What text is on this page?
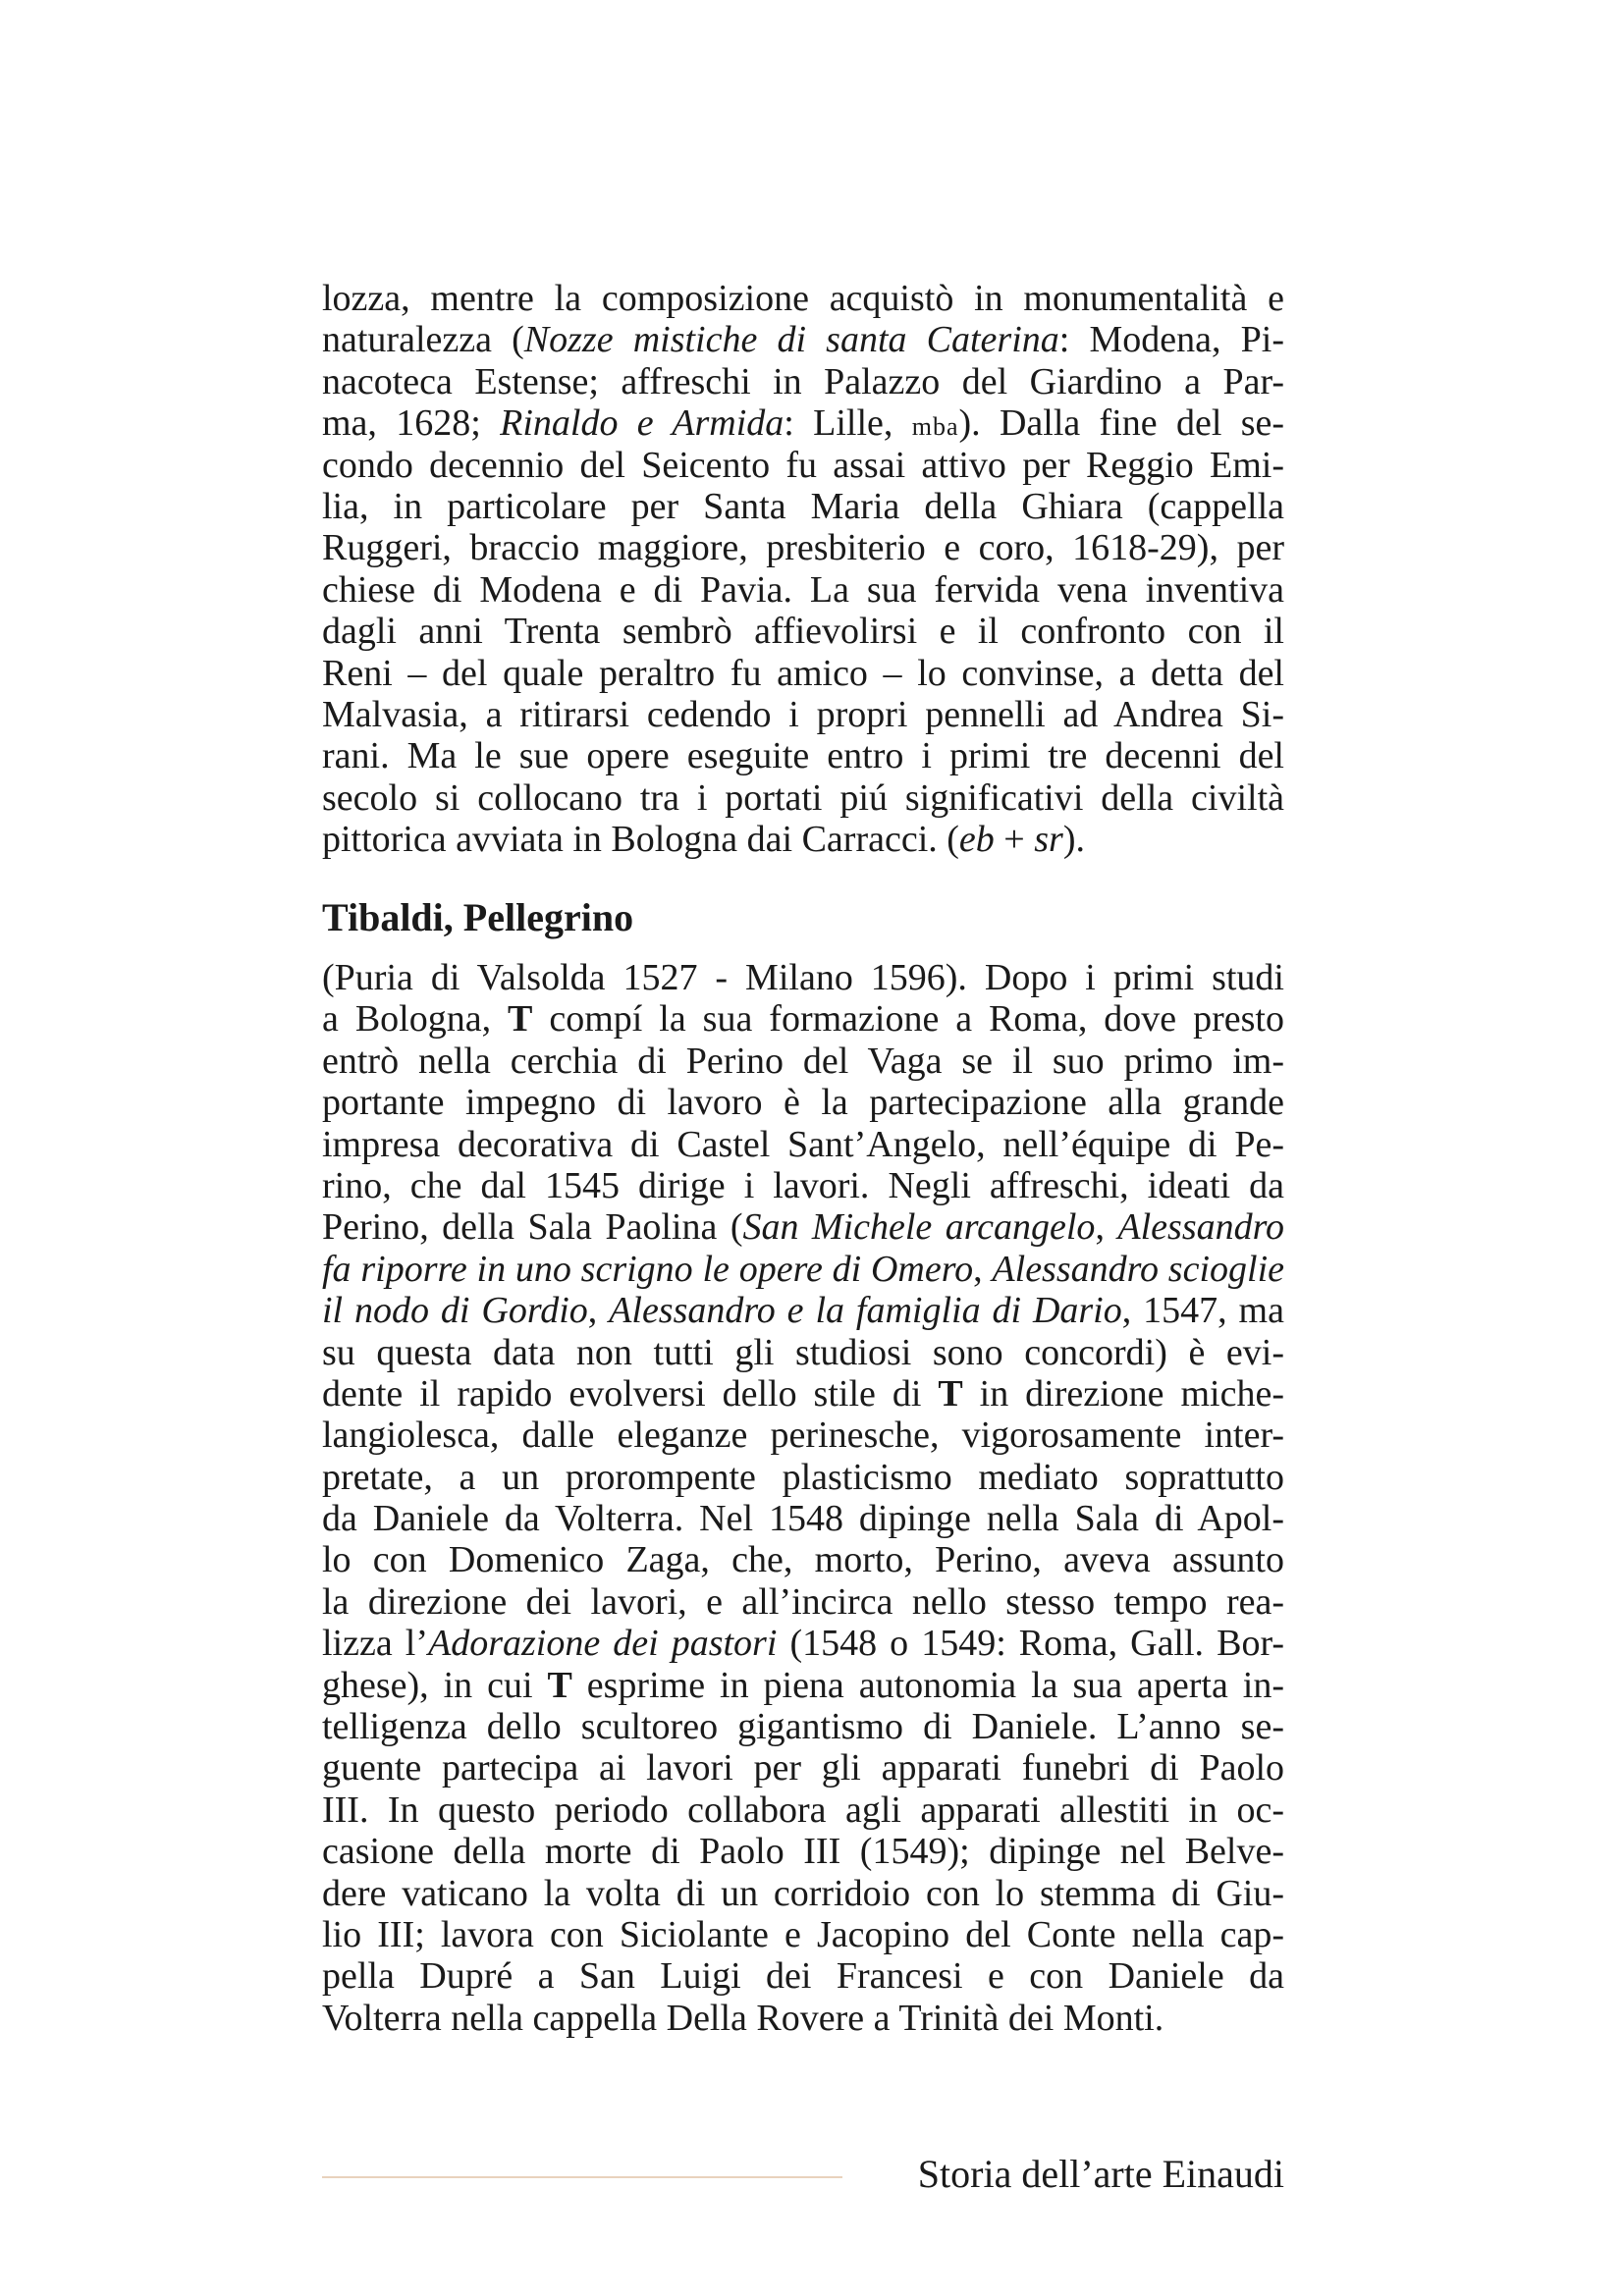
lozza, mentre la composizione acquistò in monumentalità e
naturalezza (Nozze mistiche di santa Caterina: Modena, Pi-
nacoteca Estense; affreschi in Palazzo del Giardino a Par-
ma, 1628; Rinaldo e Armida: Lille, mba). Dalla fine del se-
condo decennio del Seicento fu assai attivo per Reggio Emi-
lia, in particolare per Santa Maria della Ghiara (cappella
Ruggeri, braccio maggiore, presbiterio e coro, 1618-29), per
chiese di Modena e di Pavia. La sua fervida vena inventiva
dagli anni Trenta sembrò affievolirsi e il confronto con il
Reni – del quale peraltro fu amico – lo convinse, a detta del
Malvasia, a ritirarsi cedendo i propri pennelli ad Andrea Si-
rani. Ma le sue opere eseguite entro i primi tre decenni del
secolo si collocano tra i portati piú significativi della civiltà
pittorica avviata in Bologna dai Carracci. (eb + sr).
Tibaldi, Pellegrino
(Puria di Valsolda 1527 - Milano 1596). Dopo i primi studi
a Bologna, T compí la sua formazione a Roma, dove presto
entrò nella cerchia di Perino del Vaga se il suo primo im-
portante impegno di lavoro è la partecipazione alla grande
impresa decorativa di Castel Sant’Angelo, nell’équipe di Pe-
rino, che dal 1545 dirige i lavori. Negli affreschi, ideati da
Perino, della Sala Paolina (San Michele arcangelo, Alessandro
fa riporre in uno scrigno le opere di Omero, Alessandro scioglie
il nodo di Gordio, Alessandro e la famiglia di Dario, 1547, ma
su questa data non tutti gli studiosi sono concordi) è evi-
dente il rapido evolversi dello stile di T in direzione miche-
langiolesca, dalle eleganze perinesche, vigorosamente inter-
pretate, a un prorompente plasticismo mediato soprattutto
da Daniele da Volterra. Nel 1548 dipinge nella Sala di Apol-
lo con Domenico Zaga, che, morto, Perino, aveva assunto
la direzione dei lavori, e all’incirca nello stesso tempo rea-
lizza l’Adorazione dei pastori (1548 o 1549: Roma, Gall. Bor-
ghese), in cui T esprime in piena autonomia la sua aperta in-
telligenza dello scultoreo gigantismo di Daniele. L’anno se-
guente partecipa ai lavori per gli apparati funebri di Paolo
III. In questo periodo collabora agli apparati allestiti in oc-
casione della morte di Paolo III (1549); dipinge nel Belve-
dere vaticano la volta di un corridoio con lo stemma di Giu-
lio III; lavora con Siciolante e Jacopino del Conte nella cap-
pella Dupré a San Luigi dei Francesi e con Daniele da
Volterra nella cappella Della Rovere a Trinità dei Monti.
Storia dell’arte Einaudi
